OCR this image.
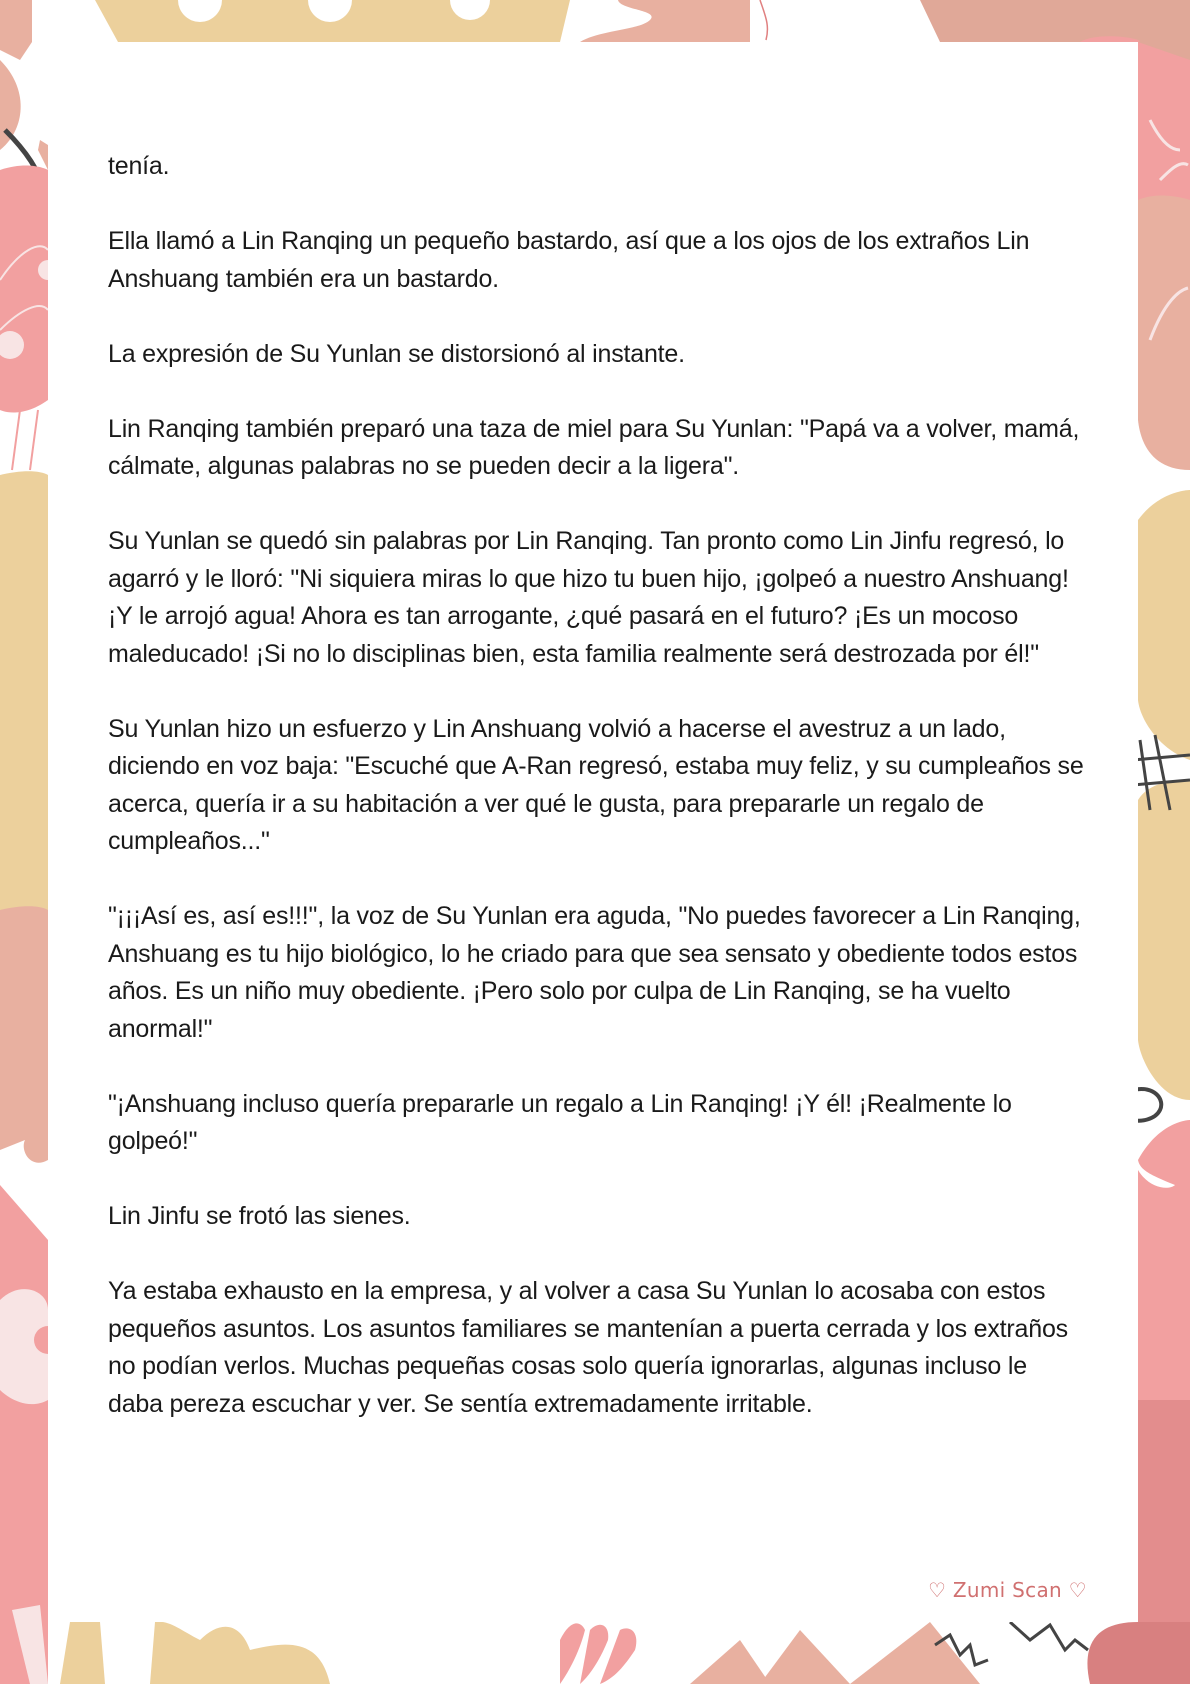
tenía.

Ella llamó a Lin Ranqing un pequeño bastardo, así que a los ojos de los extraños Lin Anshuang también era un bastardo.

La expresión de Su Yunlan se distorsionó al instante.

Lin Ranqing también preparó una taza de miel para Su Yunlan: "Papá va a volver, mamá, cálmate, algunas palabras no se pueden decir a la ligera".

Su Yunlan se quedó sin palabras por Lin Ranqing. Tan pronto como Lin Jinfu regresó, lo agarró y le lloró: "Ni siquiera miras lo que hizo tu buen hijo, ¡golpeó a nuestro Anshuang! ¡Y le arrojó agua! Ahora es tan arrogante, ¿qué pasará en el futuro? ¡Es un mocoso maleducado! ¡Si no lo disciplinas bien, esta familia realmente será destrozada por él!"

Su Yunlan hizo un esfuerzo y Lin Anshuang volvió a hacerse el avestruz a un lado, diciendo en voz baja: "Escuché que A-Ran regresó, estaba muy feliz, y su cumpleaños se acerca, quería ir a su habitación a ver qué le gusta, para prepararle un regalo de cumpleaños..."

"¡¡¡Así es, así es!!!", la voz de Su Yunlan era aguda, "No puedes favorecer a Lin Ranqing, Anshuang es tu hijo biológico, lo he criado para que sea sensato y obediente todos estos años. Es un niño muy obediente. ¡Pero solo por culpa de Lin Ranqing, se ha vuelto anormal!"

"¡Anshuang incluso quería prepararle un regalo a Lin Ranqing! ¡Y él! ¡Realmente lo golpeó!"

Lin Jinfu se frotó las sienes.

Ya estaba exhausto en la empresa, y al volver a casa Su Yunlan lo acosaba con estos pequeños asuntos. Los asuntos familiares se mantenían a puerta cerrada y los extraños no podían verlos. Muchas pequeñas cosas solo quería ignorarlas, algunas incluso le daba pereza escuchar y ver. Se sentía extremadamente irritable.

♡ Zumi Scan ♡
